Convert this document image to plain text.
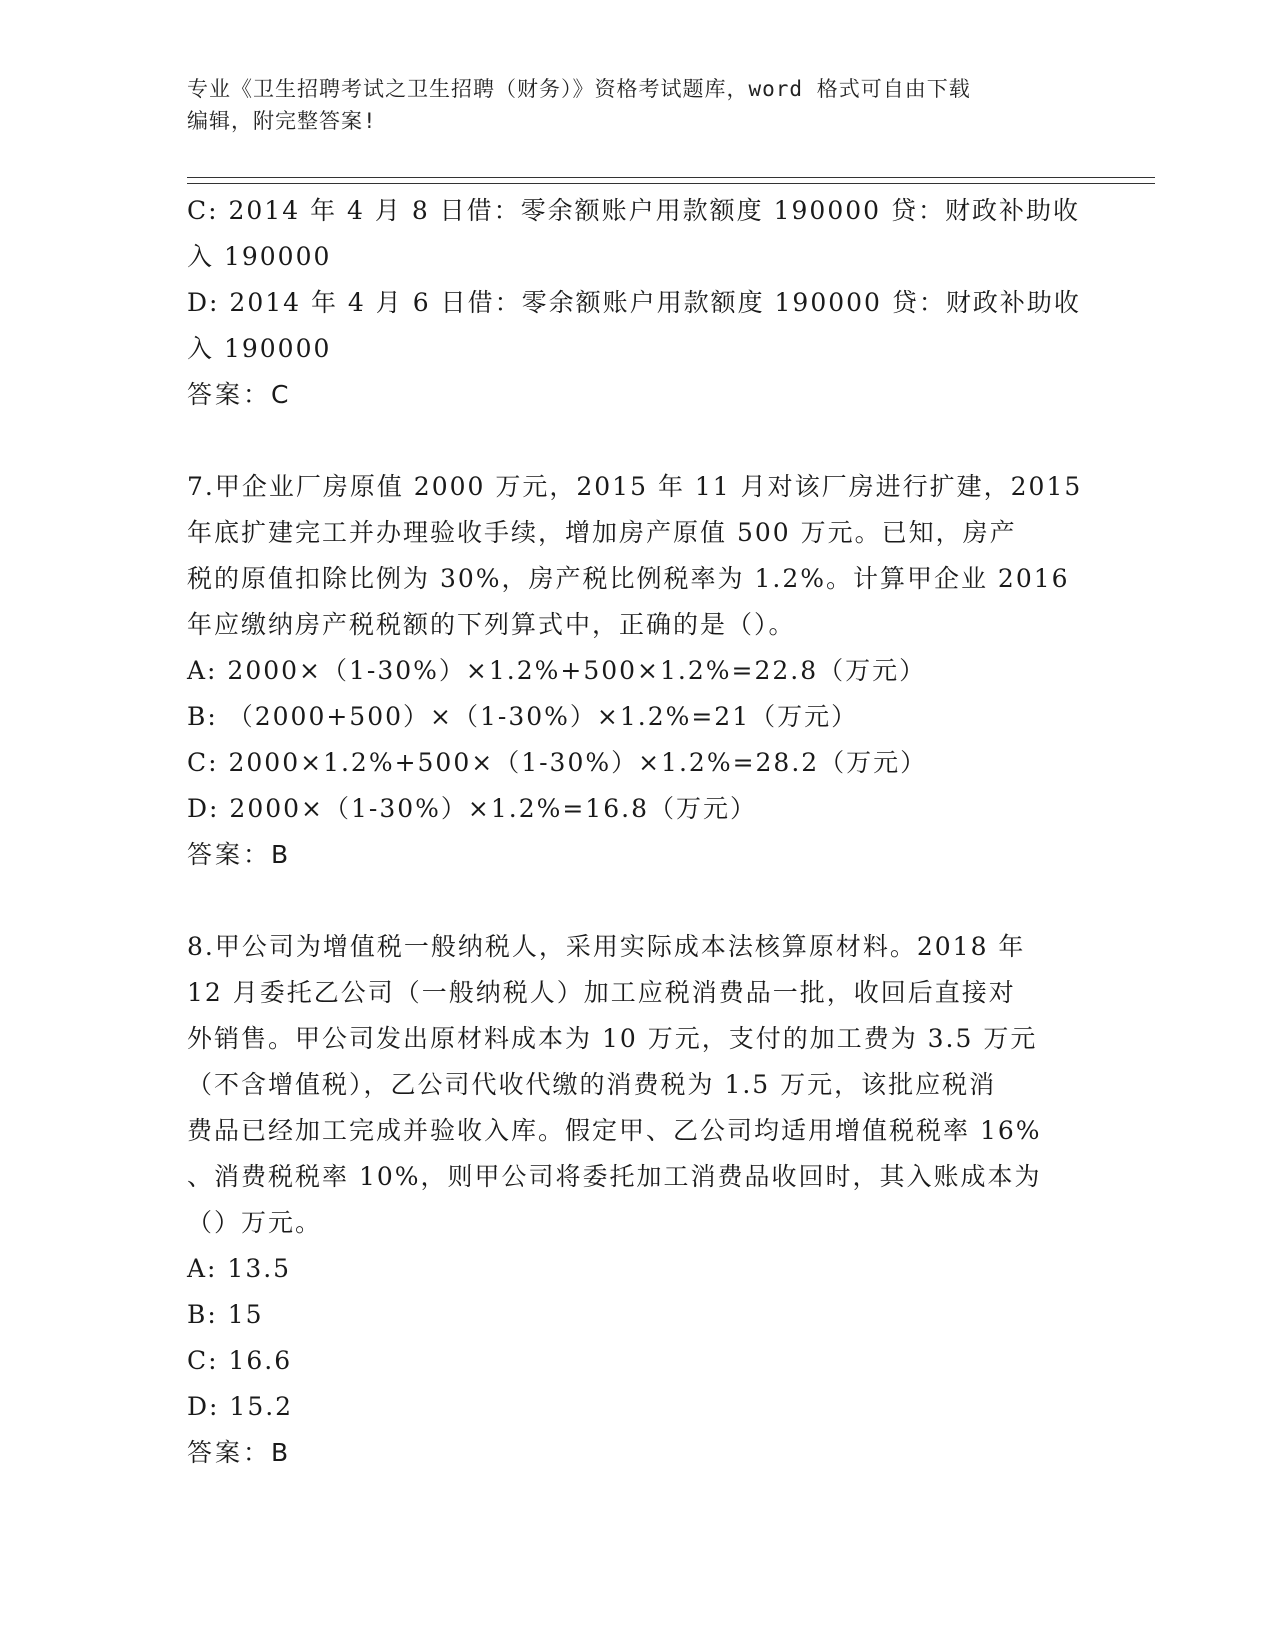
专业《卫生招聘考试之卫生招聘（财务）》资格考试题库，word 格式可自由下载
编辑，附完整答案!
C: 2014 年 4 月 8 日借：零余额账户用款额度 190000 贷：财政补助收
入 190000
D: 2014 年 4 月 6 日借：零余额账户用款额度 190000 贷：财政补助收
入 190000
答案：C
7.甲企业厂房原值 2000 万元，2015 年 11 月对该厂房进行扩建，2015
年底扩建完工并办理验收手续，增加房产原值 500 万元。已知，房产
税的原值扣除比例为 30%，房产税比例税率为 1.2%。计算甲企业 2016
年应缴纳房产税税额的下列算式中，正确的是（）。
A: 2000×（1-30%）×1.2%+500×1.2%=22.8（万元）
B: （2000+500）×（1-30%）×1.2%=21（万元）
C: 2000×1.2%+500×（1-30%）×1.2%=28.2（万元）
D: 2000×（1-30%）×1.2%=16.8（万元）
答案：B
8.甲公司为增值税一般纳税人，采用实际成本法核算原材料。2018 年
12 月委托乙公司（一般纳税人）加工应税消费品一批，收回后直接对
外销售。甲公司发出原材料成本为 10 万元，支付的加工费为 3.5 万元
（不含增值税），乙公司代收代缴的消费税为 1.5 万元，该批应税消
费品已经加工完成并验收入库。假定甲、乙公司均适用增值税税率 16%
、消费税税率 10%，则甲公司将委托加工消费品收回时，其入账成本为
（）万元。
A: 13.5
B: 15
C: 16.6
D: 15.2
答案：B
